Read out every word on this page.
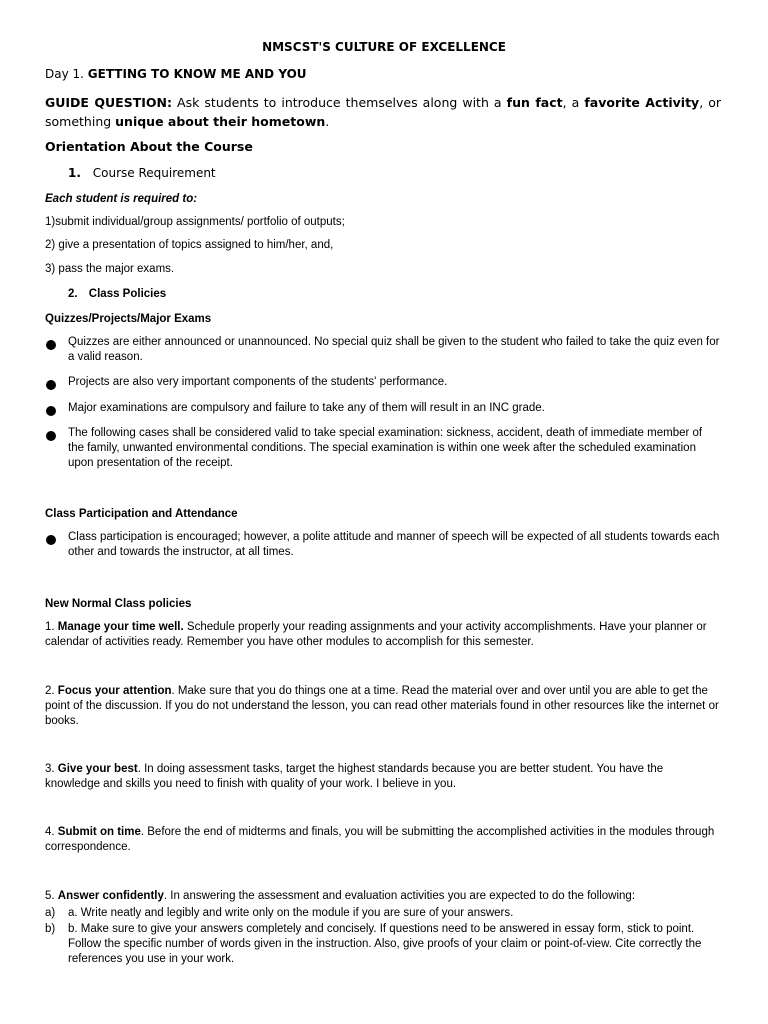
NMSCST'S CULTURE OF EXCELLENCE
Day 1. GETTING TO KNOW ME AND YOU
GUIDE QUESTION: Ask students to introduce themselves along with a fun fact, a favorite Activity, or something unique about their hometown.
Orientation About the Course
1. Course Requirement
Each student is required to:
1)submit individual/group assignments/ portfolio of outputs;
2) give a presentation of topics assigned to him/her, and,
3) pass the major exams.
2. Class Policies
Quizzes/Projects/Major Exams
Quizzes are either announced or unannounced. No special quiz shall be given to the student who failed to take the quiz even for a valid reason.
Projects are also very important components of the students' performance.
Major examinations are compulsory and failure to take any of them will result in an INC grade.
The following cases shall be considered valid to take special examination: sickness, accident, death of immediate member of the family, unwanted environmental conditions. The special examination is within one week after the scheduled examination upon presentation of the receipt.
Class Participation and Attendance
Class participation is encouraged; however, a polite attitude and manner of speech will be expected of all students towards each other and towards the instructor, at all times.
New Normal Class policies
1. Manage your time well. Schedule properly your reading assignments and your activity accomplishments. Have your planner or calendar of activities ready. Remember you have other modules to accomplish for this semester.
2. Focus your attention. Make sure that you do things one at a time. Read the material over and over until you are able to get the point of the discussion. If you do not understand the lesson, you can read other materials found in other resources like the internet or books.
3. Give your best. In doing assessment tasks, target the highest standards because you are better student. You have the knowledge and skills you need to finish with quality of your work. I believe in you.
4. Submit on time. Before the end of midterms and finals, you will be submitting the accomplished activities in the modules through correspondence.
5. Answer confidently. In answering the assessment and evaluation activities you are expected to do the following:
a) a. Write neatly and legibly and write only on the module if you are sure of your answers.
b) b. Make sure to give your answers completely and concisely. If questions need to be answered in essay form, stick to point. Follow the specific number of words given in the instruction. Also, give proofs of your claim or point-of-view. Cite correctly the references you use in your work.
